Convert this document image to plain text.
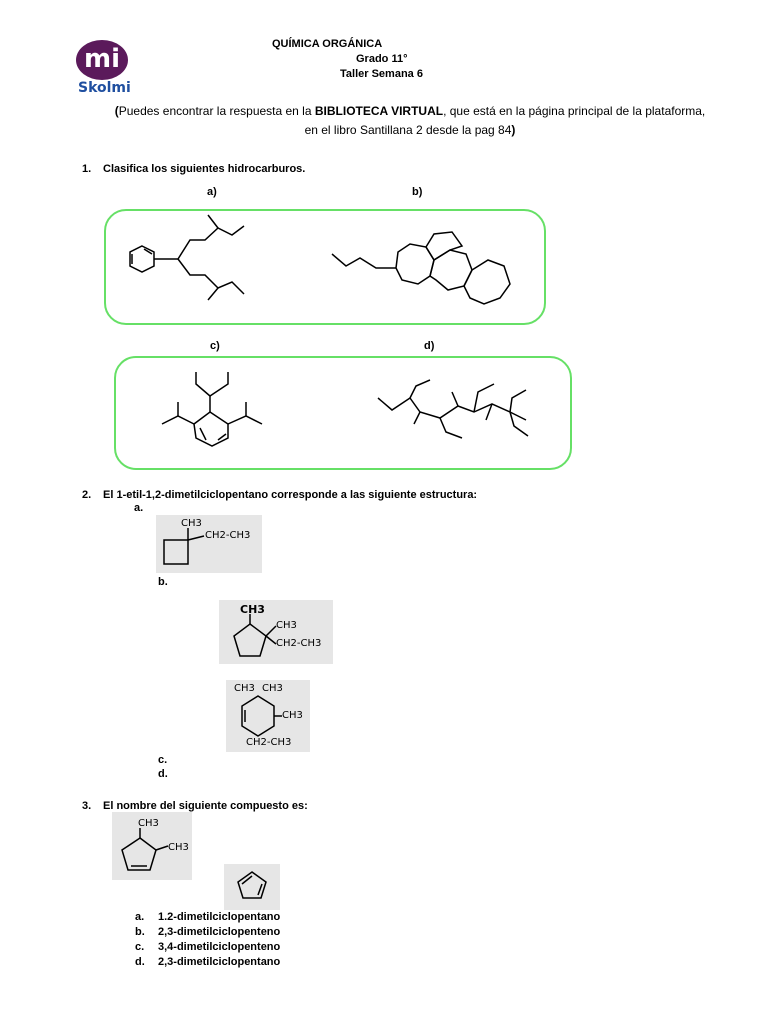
mi
Skolmi
QUÍMICA ORGÁNICA
Grado 11°
Taller Semana 6
(Puedes encontrar la respuesta en la BIBLIOTECA VIRTUAL, que está en la página principal de la plataforma, en el libro Santillana 2 desde la pag 84)
1. Clasifica los siguientes hidrocarburos.
a)	b)
c)	d)
2. El 1-etil-1,2-dimetilciclopentano corresponde a las siguiente estructura:
a.
CH3
CH2-CH3
b.
CH3
CH3
CH2-CH3
CH3 CH3
CH3
CH2-CH3
c.
d.
3. El nombre del siguiente compuesto es:
CH3
CH3
a. 1.2-dimetilciclopentano
b. 2,3-dimetilciclopenteno
c. 3,4-dimetilciclopenteno
d. 2,3-dimetilciclopentano
